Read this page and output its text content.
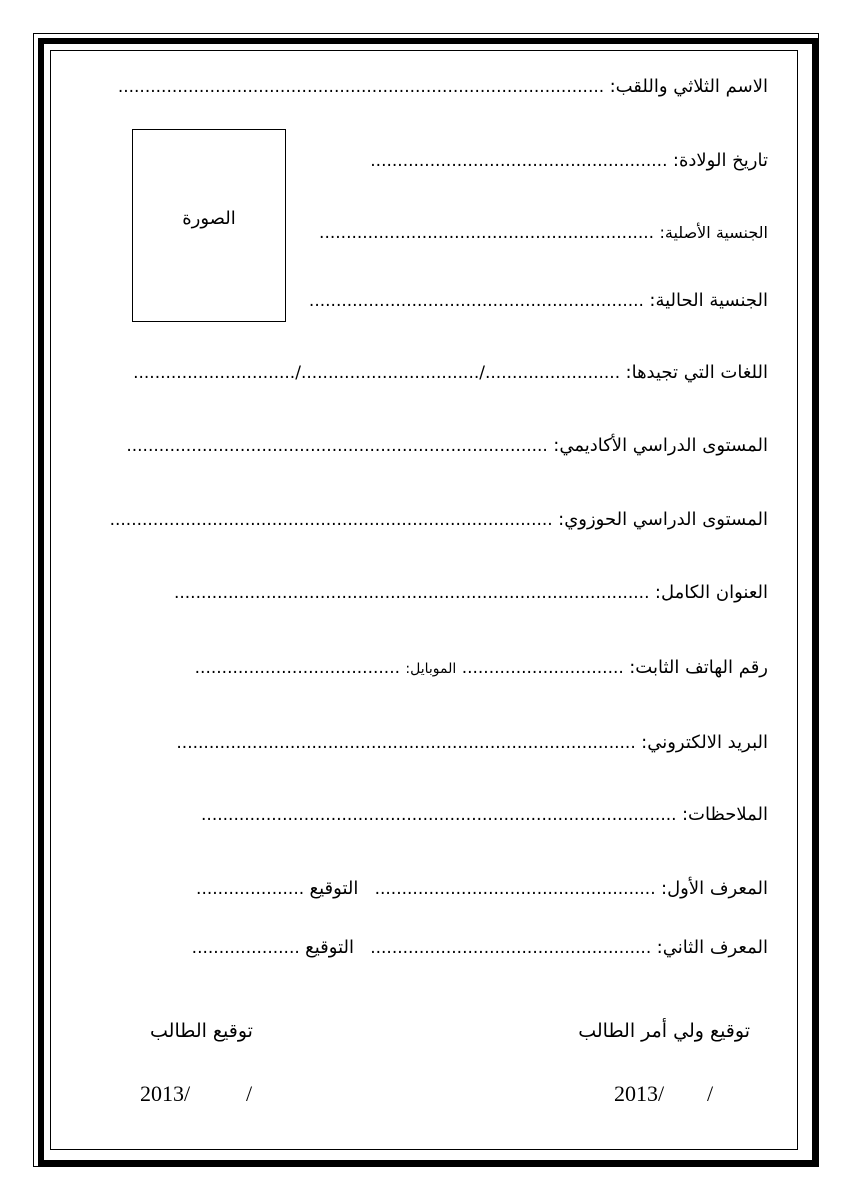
الاسم الثلاثي واللقب: ..........................................................................................
الصورة
تاريخ الولادة: .......................................................
الجنسية الأصلية: ..............................................................
الجنسية الحالية: ..............................................................
اللغات التي تجيدها: ........................./................................./..............................
المستوى الدراسي الأكاديمي: ..............................................................................
المستوى الدراسي الحوزوي: ..................................................................................
العنوان الكامل: ........................................................................................
رقم الهاتف الثابت: .............................. الموبايل: ......................................
البريد الالكتروني: .....................................................................................
الملاحظات: ........................................................................................
المعرف الأول: ....................................................   التوقيع ....................
المعرف الثاني: ....................................................   التوقيع ....................
توقيع ولي أمر الطالب
توقيع الطالب
2013/	/	2013/ /
